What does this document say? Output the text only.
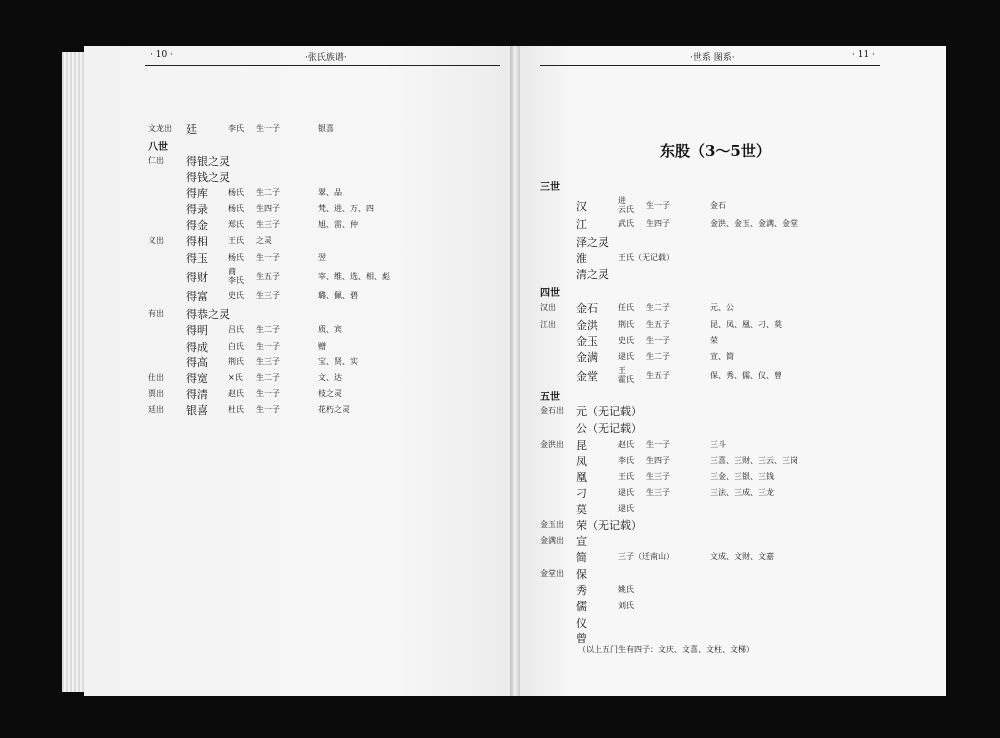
· 10 ·	·张氏族谱·	·世系 图系·	· 11 ·
东股（3～5世）
（以上五门生有四子：文庆、文喜、文柱、文梯）
文龙出 廷	李氏 生一子	银喜
八世
仁出 得银之灵
得钱之灵
得库	杨氏 生二子	翠、品
得录	杨氏 生四子	梵、进、万、四
得金	郑氏 生三子	旭、雷、仲
义出 得相	王氏 之灵
得玉	杨氏 生一子	翌
得财	商
李氏 生五子	宰、维、选、相、彪
得富	史氏 生三子	璐、佩、碧
有出 得恭之灵
得明	吕氏 生二子	质、宾
得成	白氏 生一子	赠
得高	荆氏 生三子	宝、贤、实
仕出 得宽	×氏 生二子	文、达
贾出 得清	赵氏 生一子	枝之灵
廷出 银喜	杜氏 生一子	花朽之灵
三世
汉	进
云氏 生一子	金石
江	武氏 生四子	金洪、金玉、金满、金堂
泽之灵
淮	王氏（无记载）
清之灵
四世
汉出 金石	任氏 生二子	元、公
江出 金洪	荆氏 生五子	昆、凤、凰、刁、莫
金玉	史氏 生一子	荣
金满	逯氏 生二子	宣、简
金堂	王
霍氏 生五子	保、秀、儒、仪、曾
五世
金石出 元（无记载）
公（无记载）
金洪出 昆	赵氏 生一子	三斗
凤	李氏 生四子	三喜、三财、三云、三岗
凰	王氏 生三子	三金、三银、三钱
刁	逯氏 生三子	三法、三成、三龙
莫	逯氏
金玉出 荣（无记载）
金满出 宣
简	三子（迁南山）	文成、文财、文嘉
金堂出 保
秀	姚氏
儒	刘氏
仪
曾
